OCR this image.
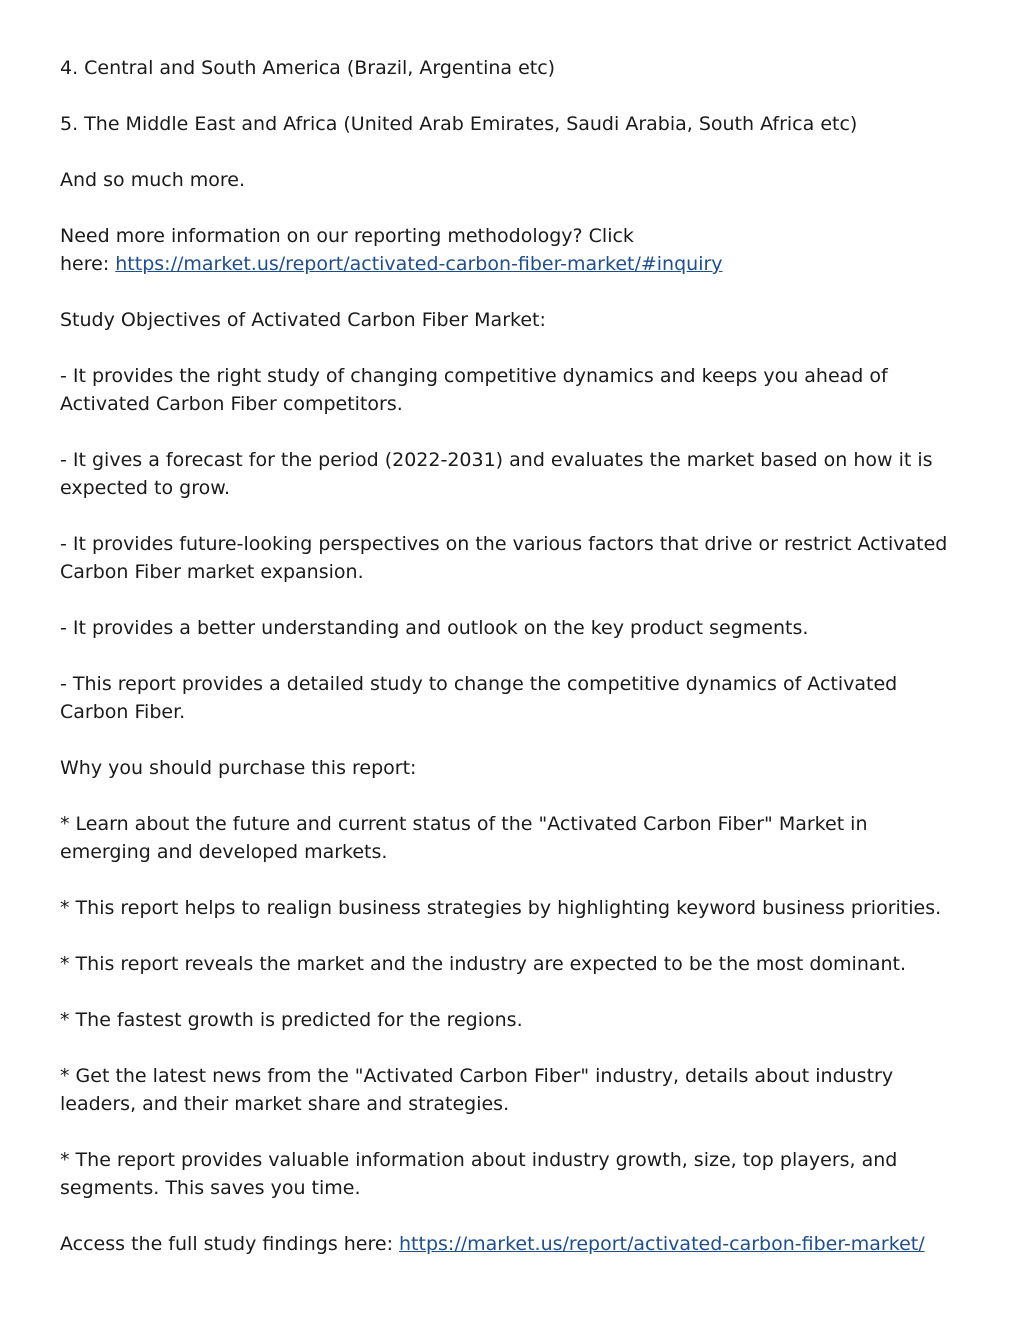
4. Central and South America (Brazil, Argentina etc)

5. The Middle East and Africa (United Arab Emirates, Saudi Arabia, South Africa etc)

And so much more.

Need more information on our reporting methodology? Click
here: https://market.us/report/activated-carbon-fiber-market/#inquiry

Study Objectives of Activated Carbon Fiber Market:

- It provides the right study of changing competitive dynamics and keeps you ahead of Activated Carbon Fiber competitors.

- It gives a forecast for the period (2022-2031) and evaluates the market based on how it is expected to grow.

- It provides future-looking perspectives on the various factors that drive or restrict Activated Carbon Fiber market expansion.

- It provides a better understanding and outlook on the key product segments.

- This report provides a detailed study to change the competitive dynamics of Activated Carbon Fiber.

Why you should purchase this report:

* Learn about the future and current status of the "Activated Carbon Fiber" Market in emerging and developed markets.

* This report helps to realign business strategies by highlighting keyword business priorities.

* This report reveals the market and the industry are expected to be the most dominant.

* The fastest growth is predicted for the regions.

* Get the latest news from the "Activated Carbon Fiber" industry, details about industry leaders, and their market share and strategies.

* The report provides valuable information about industry growth, size, top players, and segments. This saves you time.

Access the full study findings here: https://market.us/report/activated-carbon-fiber-market/
